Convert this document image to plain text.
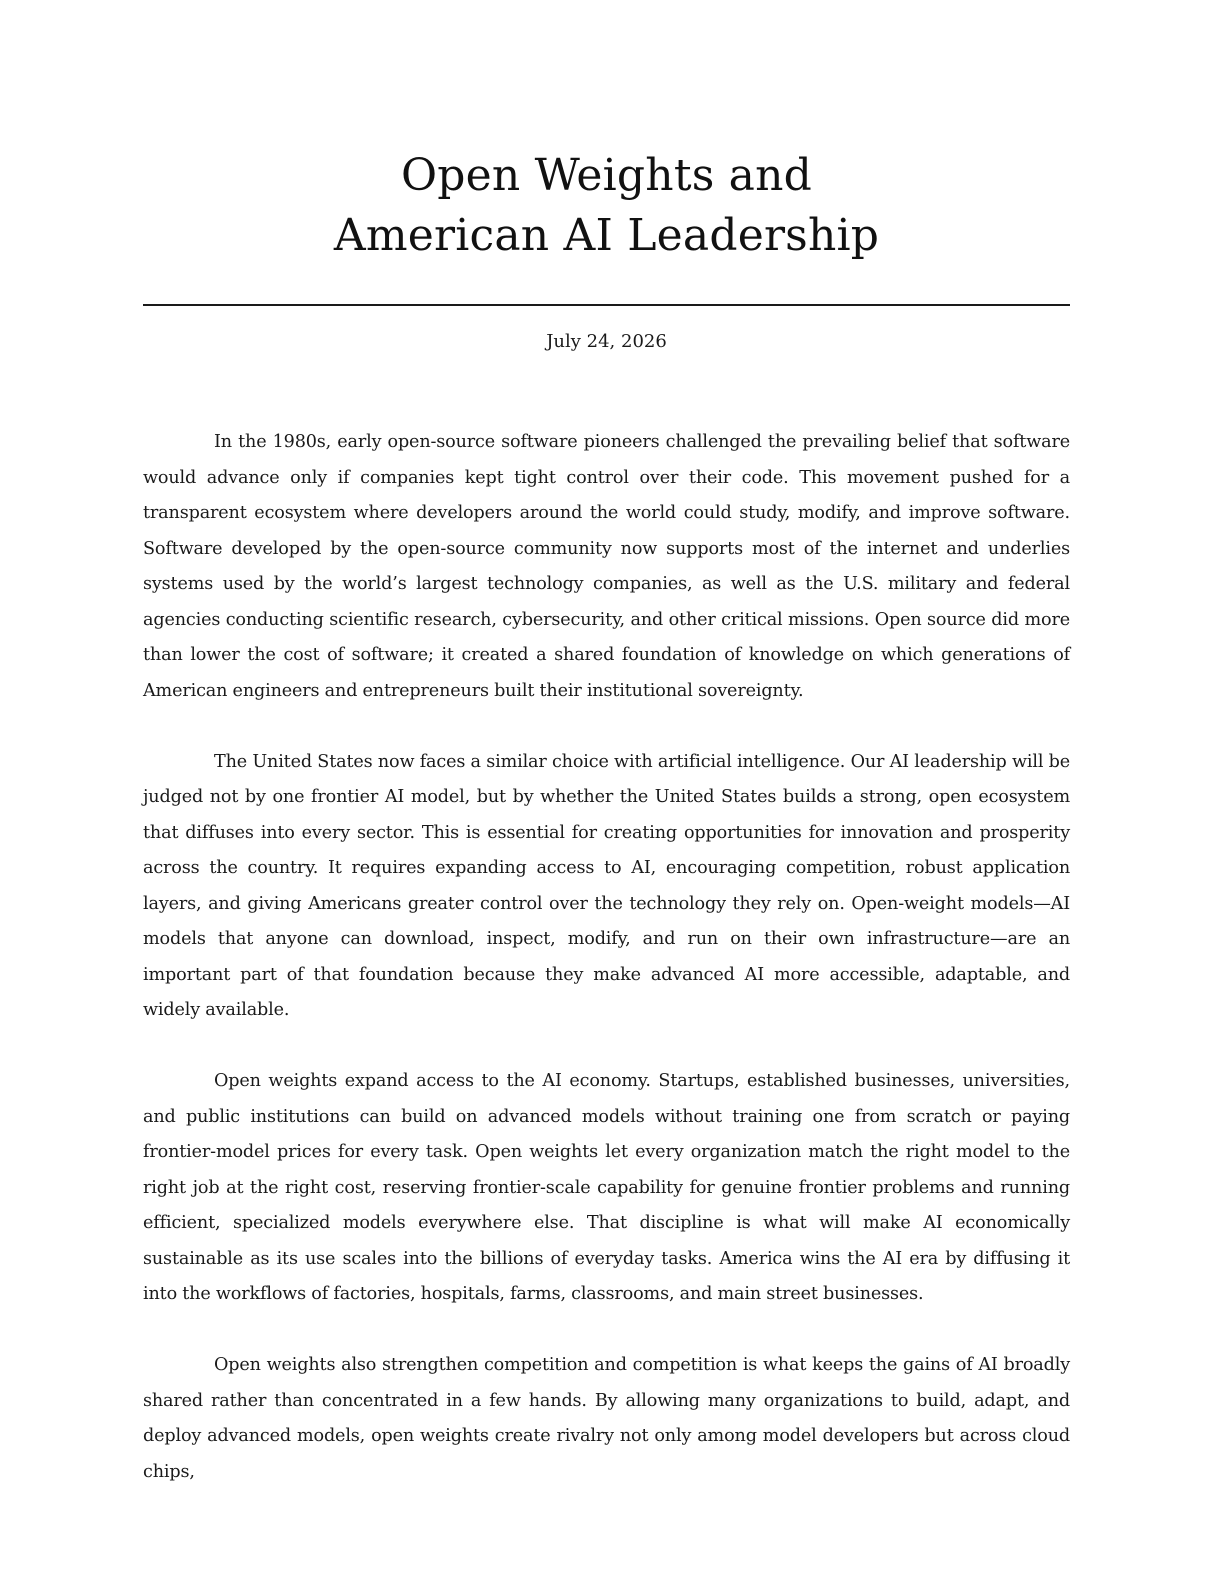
Open Weights and
American AI Leadership
July 24, 2026

In the 1980s, early open-source software pioneers challenged the prevailing belief that software would advance only if companies kept tight control over their code. This movement pushed for a transparent ecosystem where developers around the world could study, modify, and improve software. Software developed by the open-source community now supports most of the internet and underlies systems used by the world’s largest technology companies, as well as the U.S. military and federal agencies conducting scientific research, cybersecurity, and other critical missions. Open source did more than lower the cost of software; it created a shared foundation of knowledge on which generations of American engineers and entrepreneurs built their institutional sovereignty.

The United States now faces a similar choice with artificial intelligence. Our AI leadership will be judged not by one frontier AI model, but by whether the United States builds a strong, open ecosystem that diffuses into every sector. This is essential for creating opportunities for innovation and prosperity across the country. It requires expanding access to AI, encouraging competition, robust application layers, and giving Americans greater control over the technology they rely on. Open-weight models—AI models that anyone can download, inspect, modify, and run on their own infrastructure—are an important part of that foundation because they make advanced AI more accessible, adaptable, and widely available.

Open weights expand access to the AI economy. Startups, established businesses, universities, and public institutions can build on advanced models without training one from scratch or paying frontier-model prices for every task. Open weights let every organization match the right model to the right job at the right cost, reserving frontier-scale capability for genuine frontier problems and running efficient, specialized models everywhere else. That discipline is what will make AI economically sustainable as its use scales into the billions of everyday tasks. America wins the AI era by diffusing it into the workflows of factories, hospitals, farms, classrooms, and main street businesses.

Open weights also strengthen competition and competition is what keeps the gains of AI broadly shared rather than concentrated in a few hands. By allowing many organizations to build, adapt, and deploy advanced models, open weights create rivalry not only among model developers but across cloud chips,
